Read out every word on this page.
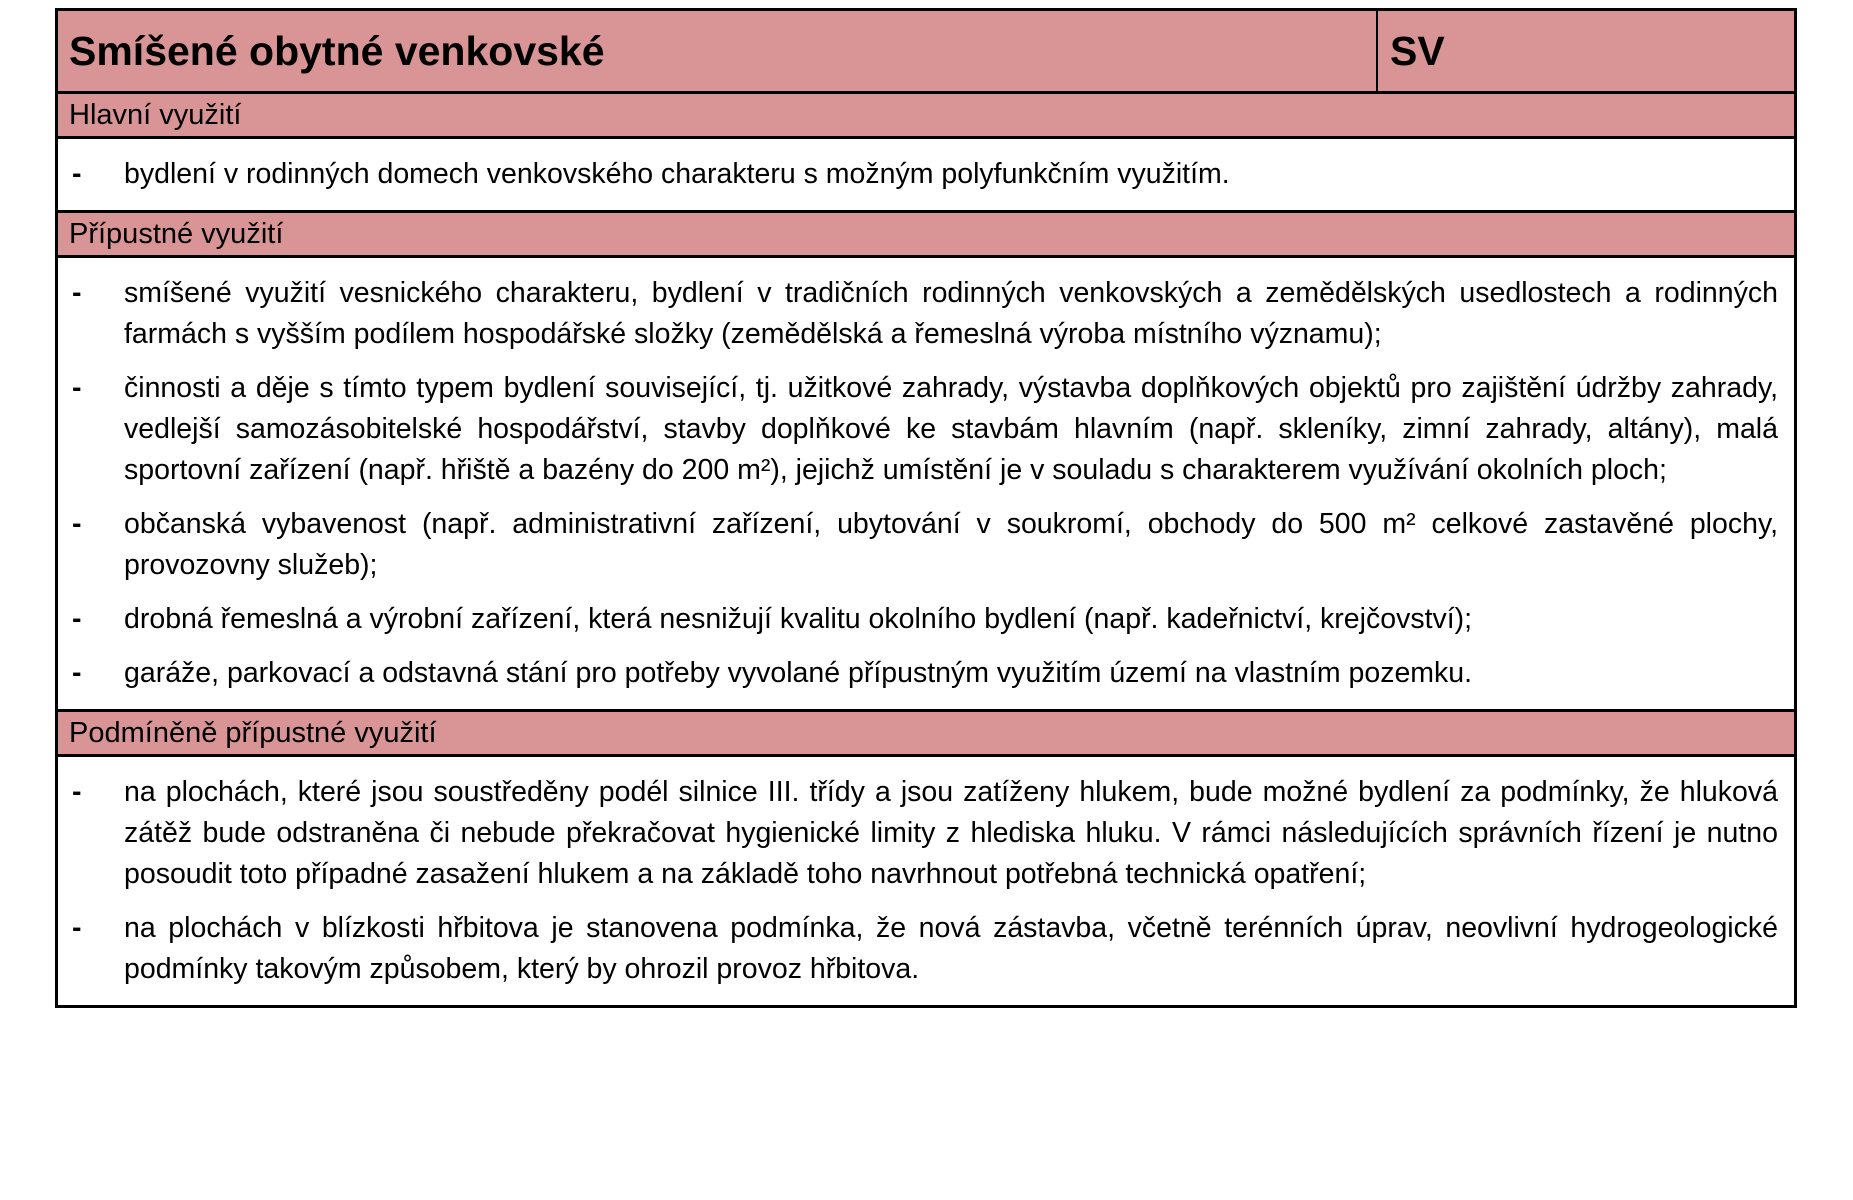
Smíšené obytné venkovské	SV
Hlavní využití
- bydlení v rodinných domech venkovského charakteru s možným polyfunkčním využitím.
Přípustné využití
- smíšené využití vesnického charakteru, bydlení v tradičních rodinných venkovských a zemědělských usedlostech a rodinných farmách s vyšším podílem hospodářské složky (zemědělská a řemeslná výroba místního významu);
- činnosti a děje s tímto typem bydlení související, tj. užitkové zahrady, výstavba doplňkových objektů pro zajištění údržby zahrady, vedlejší samozásobitelské hospodářství, stavby doplňkové ke stavbám hlavním (např. skleníky, zimní zahrady, altány), malá sportovní zařízení (např. hřiště a bazény do 200 m²), jejichž umístění je v souladu s charakterem využívání okolních ploch;
- občanská vybavenost (např. administrativní zařízení, ubytování v soukromí, obchody do 500 m² celkové zastavěné plochy, provozovny služeb);
- drobná řemeslná a výrobní zařízení, která nesnižují kvalitu okolního bydlení (např. kadeřnictví, krejčovství);
- garáže, parkovací a odstavná stání pro potřeby vyvolané přípustným využitím území na vlastním pozemku.
Podmíněně přípustné využití
- na plochách, které jsou soustředěny podél silnice III. třídy a jsou zatíženy hlukem, bude možné bydlení za podmínky, že hluková zátěž bude odstraněna či nebude překračovat hygienické limity z hlediska hluku. V rámci následujících správních řízení je nutno posoudit toto případné zasažení hlukem a na základě toho navrhnout potřebná technická opatření;
- na plochách v blízkosti hřbitova je stanovena podmínka, že nová zástavba, včetně terénních úprav, neovlivní hydrogeologické podmínky takovým způsobem, který by ohrozil provoz hřbitova.
